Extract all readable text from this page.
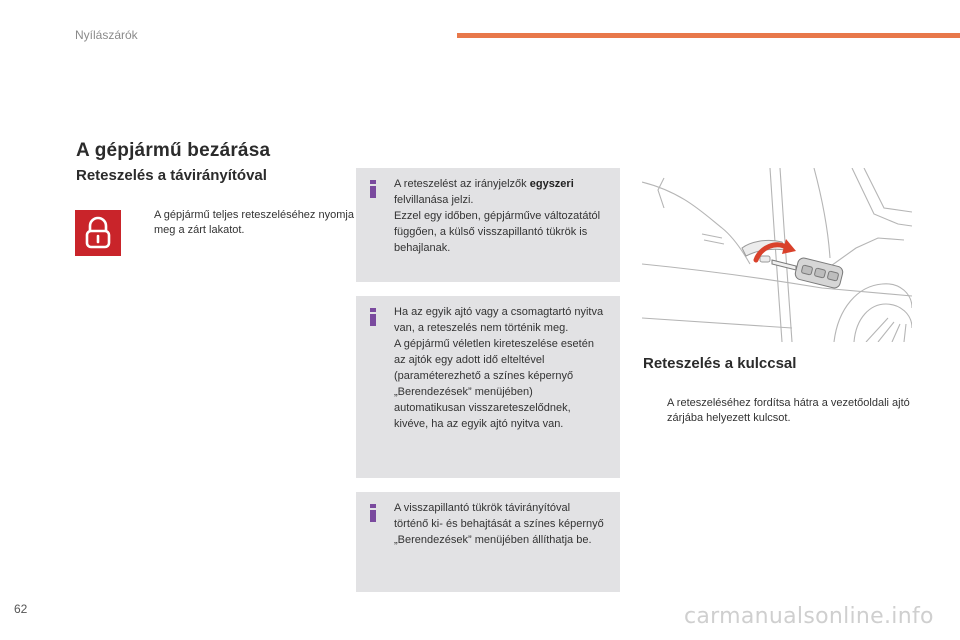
Nyílászárók
A gépjármű bezárása
Reteszelés a távirányítóval
A gépjármű teljes reteszeléséhez nyomja meg a zárt lakatot.

A reteszelést az irányjelzők egyszeri felvillanása jelzi.

Ezzel egy időben, gépjárműve változatától függően, a külső visszapillantó tükrök is behajlanak.

Ha az egyik ajtó vagy a csomagtartó nyitva van, a reteszelés nem történik meg.

A gépjármű véletlen kireteszelése esetén az ajtók egy adott idő elteltével (paraméterezhető a színes képernyő „Berendezések” menüjében) automatikusan visszareteszelődnek, kivéve, ha az egyik ajtó nyitva van.

A visszapillantó tükrök távirányítóval történő ki- és behajtását a színes képernyő „Berendezések” menüjében állíthatja be.

Reteszelés a kulccsal
A reteszeléséhez fordítsa hátra a vezetőoldali ajtó zárjába helyezett kulcsot.
62	carmanualsonline.info
